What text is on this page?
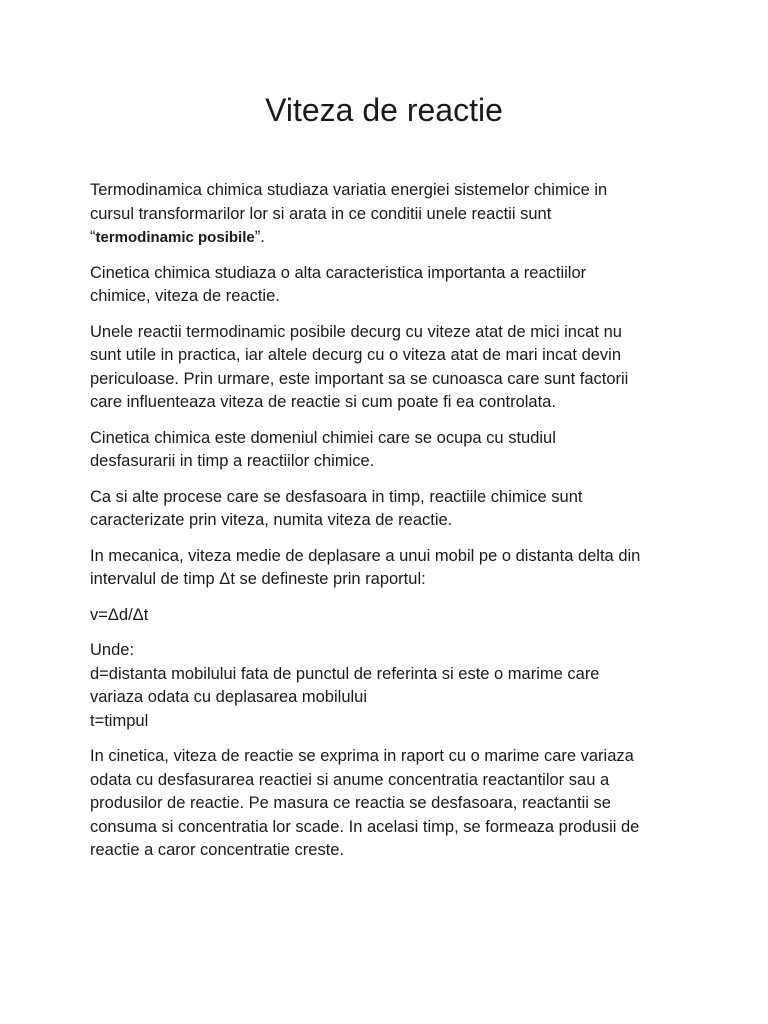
Viteza de reactie

Termodinamica chimica studiaza variatia energiei sistemelor chimice in
cursul transformarilor lor si arata in ce conditii unele reactii sunt
“termodinamic posibile”.

Cinetica chimica studiaza o alta caracteristica importanta a reactiilor
chimice, viteza de reactie.

Unele reactii termodinamic posibile decurg cu viteze atat de mici incat nu
sunt utile in practica, iar altele decurg cu o viteza atat de mari incat devin
periculoase. Prin urmare, este important sa se cunoasca care sunt factorii
care influenteaza viteza de reactie si cum poate fi ea controlata.

Cinetica chimica este domeniul chimiei care se ocupa cu studiul
desfasurarii in timp a reactiilor chimice.

Ca si alte procese care se desfasoara in timp, reactiile chimice sunt
caracterizate prin viteza, numita viteza de reactie.

In mecanica, viteza medie de deplasare a unui mobil pe o distanta delta din
intervalul de timp Δt se defineste prin raportul:

v=Δd/Δt

Unde:
d=distanta mobilului fata de punctul de referinta si este o marime care
variaza odata cu deplasarea mobilului
t=timpul

In cinetica, viteza de reactie se exprima in raport cu o marime care variaza
odata cu desfasurarea reactiei si anume concentratia reactantilor sau a
produsilor de reactie. Pe masura ce reactia se desfasoara, reactantii se
consuma si concentratia lor scade. In acelasi timp, se formeaza produsii de
reactie a caror concentratie creste.
